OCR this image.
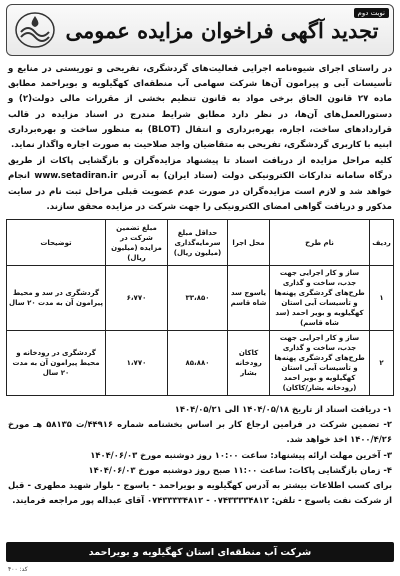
نوبت دوم
تجدید آگهی فراخوان مزایده عمومی

در راستای اجرای شیوه‌نامه اجرایی فعالیت‌های گردشگری، تفریحی و توریستی در منابع و تأسیسات آبی و پیرامون آن‌ها شرکت سهامی آب منطقه‌ای کهگیلویه و بویراحمد مطابق ماده ۲۷ قانون الحاق برخی مواد به قانون تنظیم بخشی از مقررات مالی دولت(۲) و دستورالعمل‌های آن‌ها، در نظر دارد مطابق شرایط مندرج در اسناد مزایده در قالب قراردادهای ساخت، اجاره، بهره‌برداری و انتقال (BLOT) به منظور ساخت و بهره‌برداری ابنیه با کاربری گردشگری، تفریحی به متقاضیان واجد صلاحیت به صورت اجاره واگذار نماید.

کلیه مراحل مزایده از دریافت اسناد تا پیشنهاد مزایده‌گران و بازگشایی پاکات از طریق درگاه سامانه تدارکات الکترونیکی دولت (ستاد ایران) به آدرس www.setadiran.ir انجام خواهد شد و لازم است مزایده‌گران در صورت عدم عضویت قبلی مراحل ثبت نام در سایت مذکور و دریافت گواهی امضای الکترونیکی را جهت شرکت در مزایده محقق سازند.

ردیف	نام طرح	محل اجرا	حداقل مبلغ سرمایه‌گذاری (میلیون ریال)	مبلغ تضمین شرکت در مزایده (میلیون ریال)	توضیحات
۱	ساز و کار اجرایی جهت جذب، ساخت و گذاری طرح‌های گردشگری پهنه‌ها و تأسیسات آبی استان کهگیلویه و بویر احمد (سد شاه قاسم)	یاسوج سد شاه قاسم	۳۳،۸۵۰	۶،۷۷۰	گردشگری در سد و محیط پیرامون آن به مدت ۲۰ سال
۲	ساز و کار اجرایی جهت جذب، ساخت و گذاری طرح‌های گردشگری پهنه‌ها و تأسیسات آبی استان کهگیلویه و بویر احمد (رودخانه بشار/کاکان)	کاکان رودخانه بشار	۸۵،۸۸۰	۱،۷۷۰	گردشگری در رودخانه و محیط پیرامون آن به مدت ۲۰ سال

۱- دریافت اسناد از تاریخ ۱۴۰۴/۰۵/۱۸ الی ۱۴۰۴/۰۵/۲۱

۲- تضمین شرکت در فرامین ارجاع کار بر اساس بخشنامه شماره ۴۴۹۱۶/ت ۵۸۱۳۵ هـ مورخ ۱۴۰۰/۴/۲۶ اخذ خواهد شد.

۳- آخرین مهلت ارائه پیشنهاد: ساعت ۱۰:۰۰ روز دوشنبه مورخ ۱۴۰۴/۰۶/۰۳

۴- زمان بازگشایی پاکات: ساعت ۱۱:۰۰ صبح روز دوشنبه مورخ ۱۴۰۴/۰۶/۰۳

برای کسب اطلاعات بیشتر به آدرس کهگیلویه و بویراحمد - یاسوج - بلوار شهید مطهری - قبل از شرکت نفت یاسوج - تلفن: ۰۷۴۳۳۳۳۴۸۱۲ - ۰۷۴۳۳۳۳۴۸۱۲ آقای عبداله پور مراجعه فرمایند.

شرکت آب منطقه‌ای استان کهگیلویه و بویراحمد
کد: ۴۰۰
